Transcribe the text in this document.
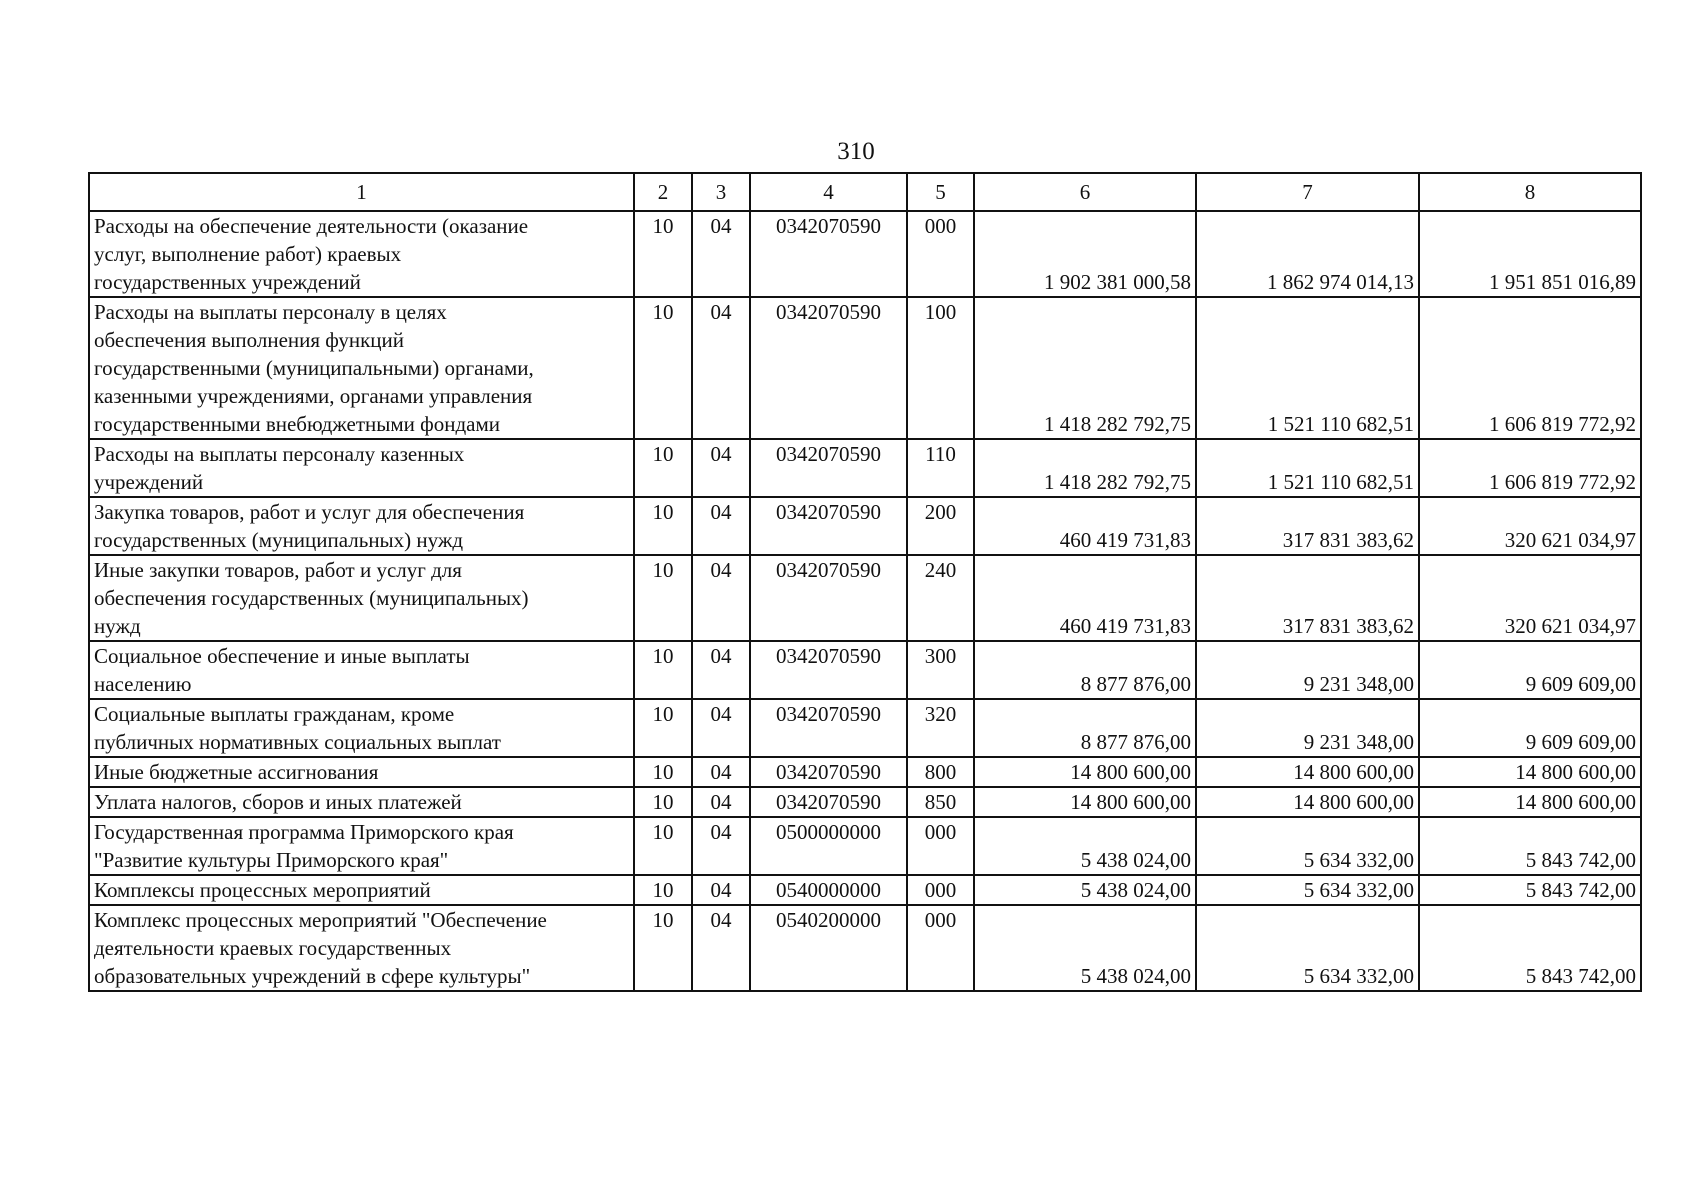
310
1	2	3	4	5	6	7	8

Расходы на обеспечение деятельности (оказание
услуг, выполнение работ) краевых
государственных учреждений	10	04	0342070590	000	1 902 381 000,58	1 862 974 014,13	1 951 851 016,89

Расходы на выплаты персоналу в целях
обеспечения выполнения функций
государственными (муниципальными) органами,
казенными учреждениями, органами управления
государственными внебюджетными фондами	10	04	0342070590	100	1 418 282 792,75	1 521 110 682,51	1 606 819 772,92

Расходы на выплаты персоналу казенных
учреждений	10	04	0342070590	110	1 418 282 792,75	1 521 110 682,51	1 606 819 772,92

Закупка товаров, работ и услуг для обеспечения
государственных (муниципальных) нужд	10	04	0342070590	200	460 419 731,83	317 831 383,62	320 621 034,97

Иные закупки товаров, работ и услуг для
обеспечения государственных (муниципальных)
нужд	10	04	0342070590	240	460 419 731,83	317 831 383,62	320 621 034,97

Социальное обеспечение и иные выплаты
населению	10	04	0342070590	300	8 877 876,00	9 231 348,00	9 609 609,00

Социальные выплаты гражданам, кроме
публичных нормативных социальных выплат	10	04	0342070590	320	8 877 876,00	9 231 348,00	9 609 609,00

Иные бюджетные ассигнования	10	04	0342070590	800	14 800 600,00	14 800 600,00	14 800 600,00

Уплата налогов, сборов и иных платежей	10	04	0342070590	850	14 800 600,00	14 800 600,00	14 800 600,00

Государственная программа Приморского края
"Развитие культуры Приморского края"	10	04	0500000000	000	5 438 024,00	5 634 332,00	5 843 742,00

Комплексы процессных мероприятий	10	04	0540000000	000	5 438 024,00	5 634 332,00	5 843 742,00

Комплекс процессных мероприятий "Обеспечение
деятельности краевых государственных
образовательных учреждений в сфере культуры"	10	04	0540200000	000	5 438 024,00	5 634 332,00	5 843 742,00
